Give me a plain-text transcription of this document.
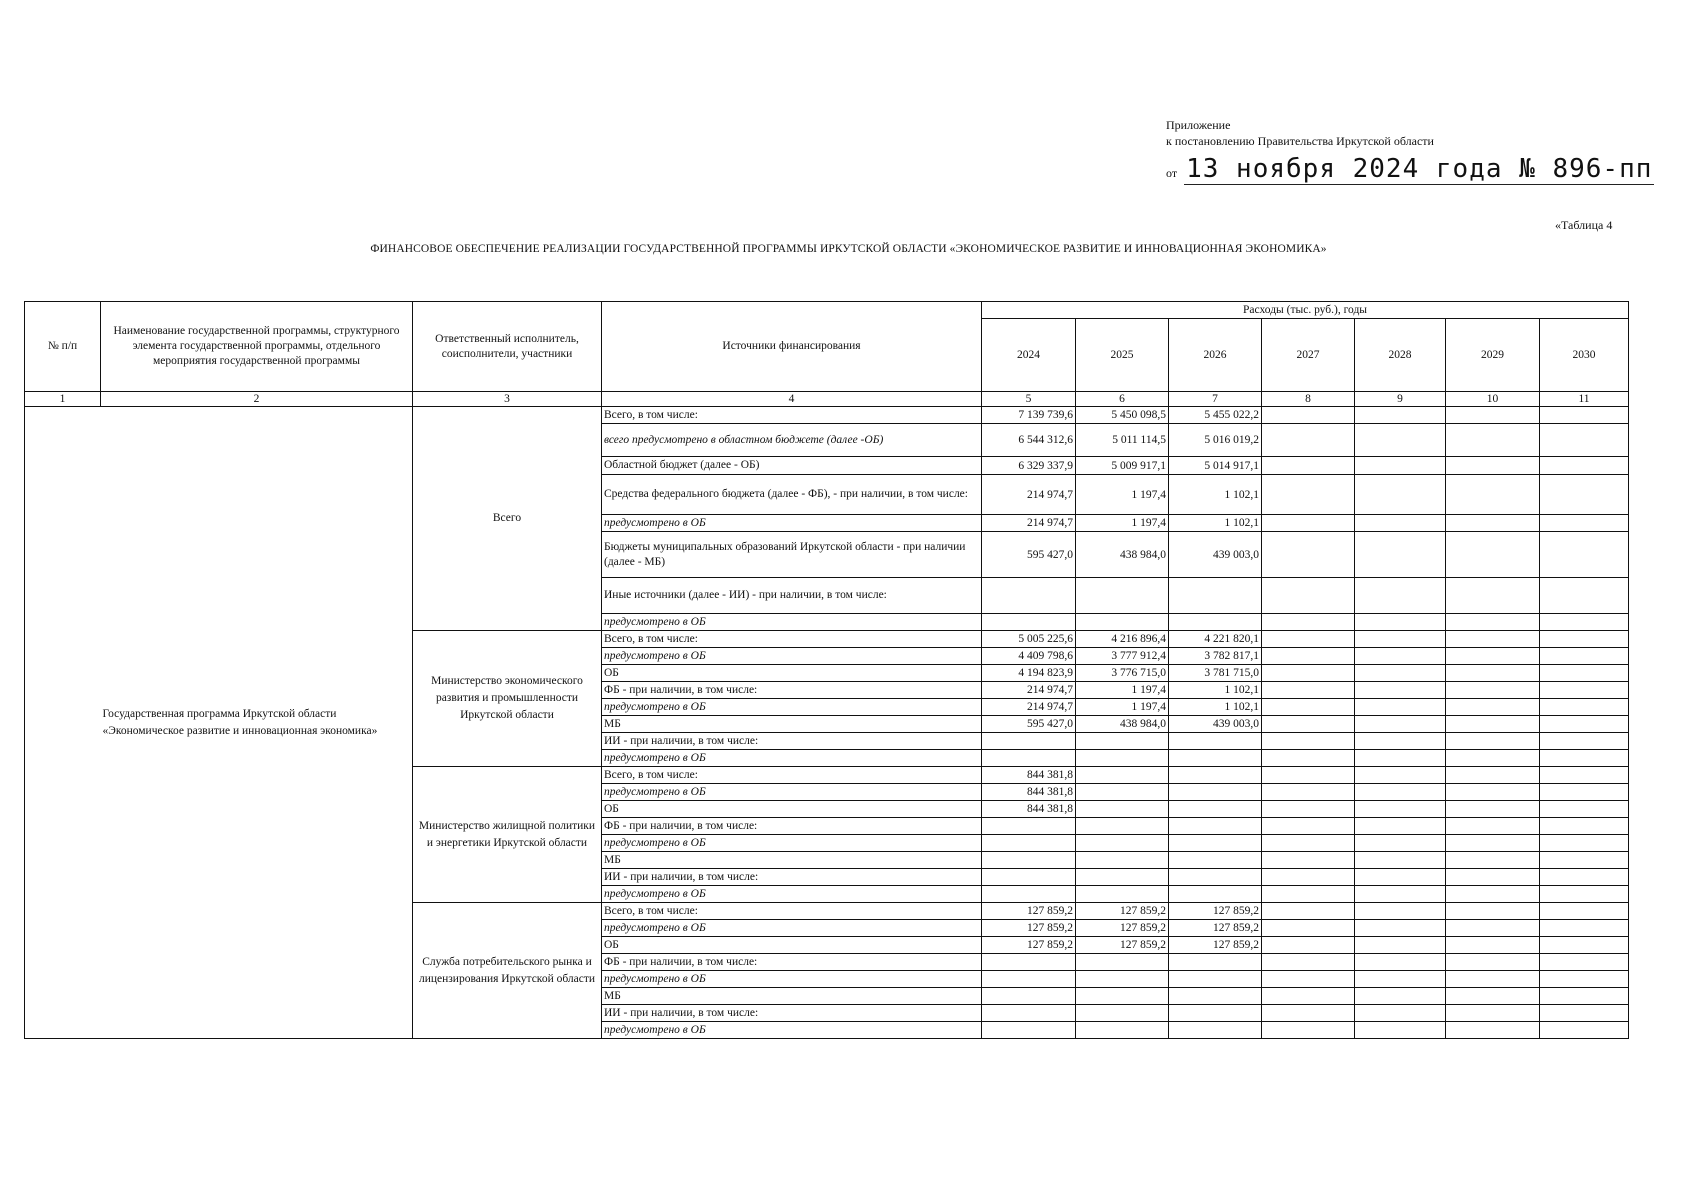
Приложение
к постановлению Правительства Иркутской области
от 13 ноября 2024 года № 896-пп
«Таблица 4
ФИНАНСОВОЕ ОБЕСПЕЧЕНИЕ РЕАЛИЗАЦИИ ГОСУДАРСТВЕННОЙ ПРОГРАММЫ ИРКУТСКОЙ ОБЛАСТИ «ЭКОНОМИЧЕСКОЕ РАЗВИТИЕ И ИННОВАЦИОННАЯ ЭКОНОМИКА»
№ п/п	Наименование государственной программы, структурного элемента государственной программы, отдельного мероприятия государственной программы	Ответственный исполнитель, соисполнители, участники	Источники финансирования	Расходы (тыс. руб.), годы						
				2024	2025	2026	2027	2028	2029	2030
1	2	3	4	5	6	7	8	9	10	11
	Государственная программа Иркутской области «Экономическое развитие и инновационная экономика»	Всего	Всего, в том числе:	7 139 739,6	5 450 098,5	5 455 022,2				
			всего предусмотрено в областном бюджете (далее -ОБ)	6 544 312,6	5 011 114,5	5 016 019,2				
			Областной бюджет (далее - ОБ)	6 329 337,9	5 009 917,1	5 014 917,1				
			Средства федерального бюджета (далее - ФБ), - при наличии, в том числе:	214 974,7	1 197,4	1 102,1				
			предусмотрено в ОБ	214 974,7	1 197,4	1 102,1				
			Бюджеты муниципальных образований Иркутской области - при наличии (далее - МБ)	595 427,0	438 984,0	439 003,0				
			Иные источники (далее - ИИ) - при наличии, в том числе:							
			предусмотрено в ОБ							
		Министерство экономического развития и промышленности Иркутской области	Всего, в том числе:	5 005 225,6	4 216 896,4	4 221 820,1				
			предусмотрено в ОБ	4 409 798,6	3 777 912,4	3 782 817,1				
			ОБ	4 194 823,9	3 776 715,0	3 781 715,0				
			ФБ - при наличии, в том числе:	214 974,7	1 197,4	1 102,1				
			предусмотрено в ОБ	214 974,7	1 197,4	1 102,1				
			МБ	595 427,0	438 984,0	439 003,0				
			ИИ - при наличии, в том числе:							
			предусмотрено в ОБ							
		Министерство жилищной политики и энергетики Иркутской области	Всего, в том числе:	844 381,8						
			предусмотрено в ОБ	844 381,8						
			ОБ	844 381,8						
			ФБ - при наличии, в том числе:							
			предусмотрено в ОБ							
			МБ							
			ИИ - при наличии, в том числе:							
			предусмотрено в ОБ							
		Служба потребительского рынка и лицензирования Иркутской области	Всего, в том числе:	127 859,2	127 859,2	127 859,2				
			предусмотрено в ОБ	127 859,2	127 859,2	127 859,2				
			ОБ	127 859,2	127 859,2	127 859,2				
			ФБ - при наличии, в том числе:							
			предусмотрено в ОБ							
			МБ							
			ИИ - при наличии, в том числе:							
			предусмотрено в ОБ							
